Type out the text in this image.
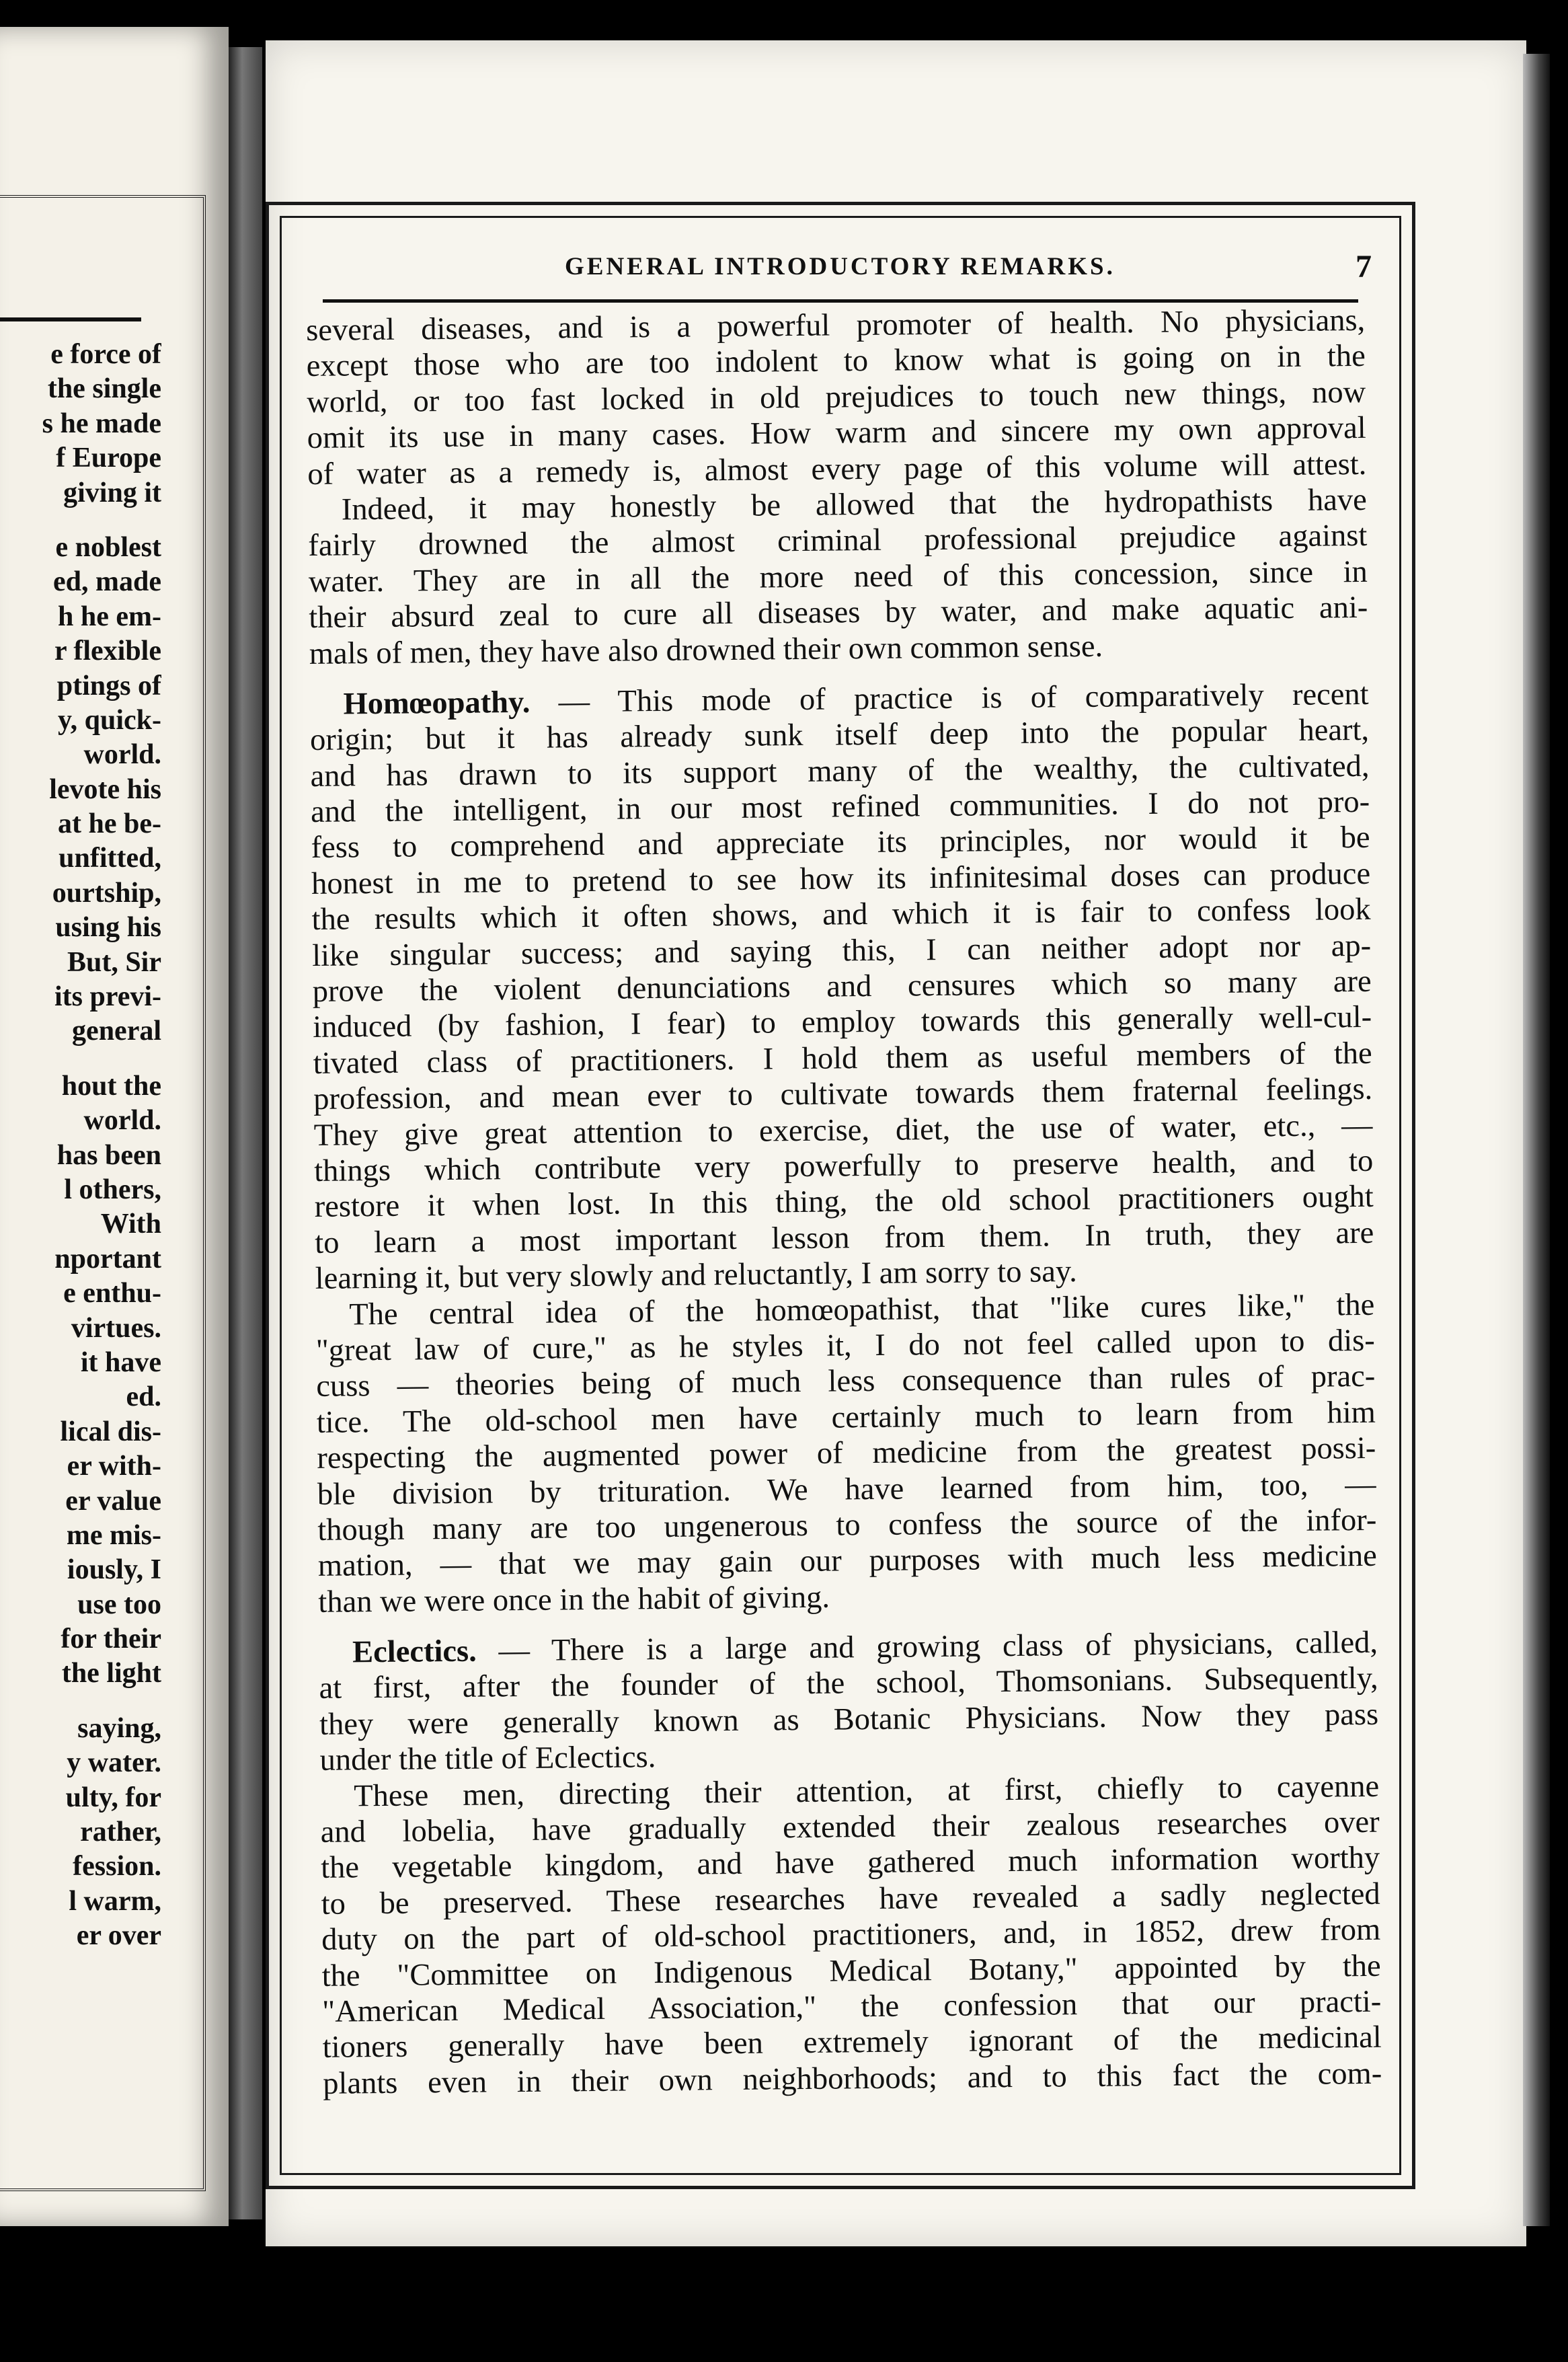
e force of
the single
s he made
f Europe
giving it
e noblest
ed, made
h he em-
r flexible
ptings of
y, quick-
world.
levote his
at he be-
unfitted,
ourtship,
using his
But, Sir
its previ-
general
hout the
world.
has been
l others,
With
nportant
e enthu-
virtues.
it have
ed.
lical dis-
er with-
er value
me mis-
iously, I
use too
for their
the light
saying,
y water.
ulty, for
rather,
fession.
l warm,
er over
GENERAL INTRODUCTORY REMARKS.	7
several diseases, and is a powerful promoter of health. No physicians,
except those who are too indolent to know what is going on in the
world, or too fast locked in old prejudices to touch new things, now
omit its use in many cases. How warm and sincere my own approval
of water as a remedy is, almost every page of this volume will attest.
Indeed, it may honestly be allowed that the hydropathists have
fairly drowned the almost criminal professional prejudice against
water. They are in all the more need of this concession, since in
their absurd zeal to cure all diseases by water, and make aquatic ani-
mals of men, they have also drowned their own common sense.
Homœopathy. — This mode of practice is of comparatively recent
origin; but it has already sunk itself deep into the popular heart,
and has drawn to its support many of the wealthy, the cultivated,
and the intelligent, in our most refined communities. I do not pro-
fess to comprehend and appreciate its principles, nor would it be
honest in me to pretend to see how its infinitesimal doses can produce
the results which it often shows, and which it is fair to confess look
like singular success; and saying this, I can neither adopt nor ap-
prove the violent denunciations and censures which so many are
induced (by fashion, I fear) to employ towards this generally well-cul-
tivated class of practitioners. I hold them as useful members of the
profession, and mean ever to cultivate towards them fraternal feelings.
They give great attention to exercise, diet, the use of water, etc., —
things which contribute very powerfully to preserve health, and to
restore it when lost. In this thing, the old school practitioners ought
to learn a most important lesson from them. In truth, they are
learning it, but very slowly and reluctantly, I am sorry to say.
The central idea of the homœopathist, that "like cures like," the
"great law of cure," as he styles it, I do not feel called upon to dis-
cuss — theories being of much less consequence than rules of prac-
tice. The old-school men have certainly much to learn from him
respecting the augmented power of medicine from the greatest possi-
ble division by trituration. We have learned from him, too, —
though many are too ungenerous to confess the source of the infor-
mation, — that we may gain our purposes with much less medicine
than we were once in the habit of giving.
Eclectics. — There is a large and growing class of physicians, called,
at first, after the founder of the school, Thomsonians. Subsequently,
they were generally known as Botanic Physicians. Now they pass
under the title of Eclectics.
These men, directing their attention, at first, chiefly to cayenne
and lobelia, have gradually extended their zealous researches over
the vegetable kingdom, and have gathered much information worthy
to be preserved. These researches have revealed a sadly neglected
duty on the part of old-school practitioners, and, in 1852, drew from
the "Committee on Indigenous Medical Botany," appointed by the
"American Medical Association," the confession that our practi-
tioners generally have been extremely ignorant of the medicinal
plants even in their own neighborhoods; and to this fact the com-
